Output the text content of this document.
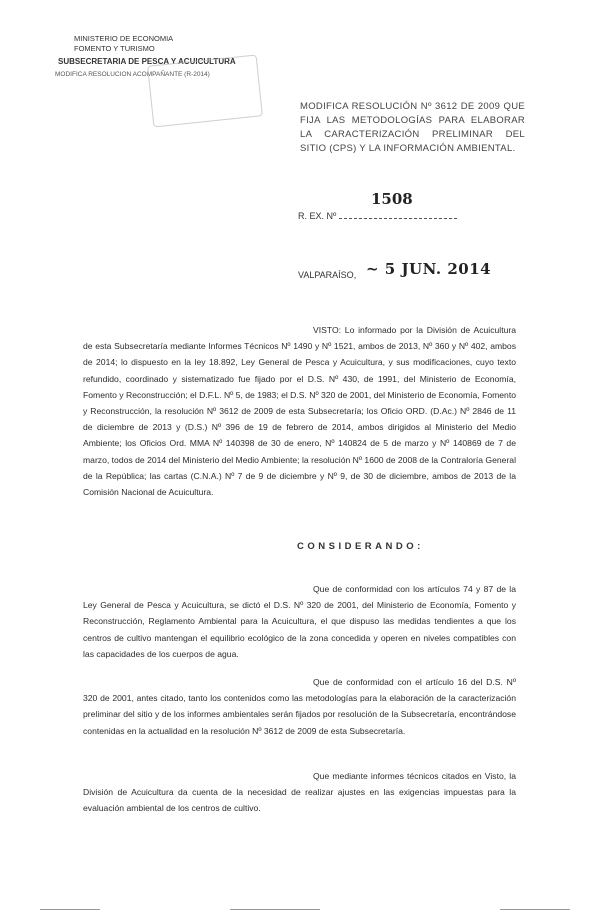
MINISTERIO DE ECONOMIA
FOMENTO Y TURISMO
SUBSECRETARIA DE PESCA Y ACUICULTURA
MODIFICA RESOLUCION ACOMPAÑANTE (R-2014)
MODIFICA RESOLUCIÓN Nº 3612 DE 2009 QUE FIJA LAS METODOLOGÍAS PARA ELABORAR LA CARACTERIZACIÓN PRELIMINAR DEL SITIO (CPS) Y LA INFORMACIÓN AMBIENTAL.
1508
R. EX. Nº
VALPARAÍSO, ~ 5 JUN. 2014
VISTO: Lo informado por la División de Acuicultura de esta Subsecretaría mediante Informes Técnicos Nº 1490 y Nº 1521, ambos de 2013, Nº 360 y Nº 402, ambos de 2014; lo dispuesto en la ley 18.892, Ley General de Pesca y Acuicultura, y sus modificaciones, cuyo texto refundido, coordinado y sistematizado fue fijado por el D.S. Nº 430, de 1991, del Ministerio de Economía, Fomento y Reconstrucción; el D.F.L. Nº 5, de 1983; el D.S. Nº 320 de 2001, del Ministerio de Economía, Fomento y Reconstrucción, la resolución Nº 3612 de 2009 de esta Subsecretaría; los Oficio ORD. (D.Ac.) Nº 2846 de 11 de diciembre de 2013 y (D.S.) Nº 396 de 19 de febrero de 2014, ambos dirigidos al Ministerio del Medio Ambiente; los Oficios Ord. MMA Nº 140398 de 30 de enero, Nº 140824 de 5 de marzo y Nº 140869 de 7 de marzo, todos de 2014 del Ministerio del Medio Ambiente; la resolución Nº 1600 de 2008 de la Contraloría General de la República; las cartas (C.N.A.) Nº 7 de 9 de diciembre y Nº 9, de 30 de diciembre, ambos de 2013 de la Comisión Nacional de Acuicultura.
CONSIDERANDO:
Que de conformidad con los artículos 74 y 87 de la Ley General de Pesca y Acuicultura, se dictó el D.S. Nº 320 de 2001, del Ministerio de Economía, Fomento y Reconstrucción, Reglamento Ambiental para la Acuicultura, el que dispuso las medidas tendientes a que los centros de cultivo mantengan el equilibrio ecológico de la zona concedida y operen en niveles compatibles con las capacidades de los cuerpos de agua.
Que de conformidad con el artículo 16 del D.S. Nº 320 de 2001, antes citado, tanto los contenidos como las metodologías para la elaboración de la caracterización preliminar del sitio y de los informes ambientales serán fijados por resolución de la Subsecretaría, encontrándose contenidas en la actualidad en la resolución Nº 3612 de 2009 de esta Subsecretaría.
Que mediante informes técnicos citados en Visto, la División de Acuicultura da cuenta de la necesidad de realizar ajustes en las exigencias impuestas para la evaluación ambiental de los centros de cultivo.
